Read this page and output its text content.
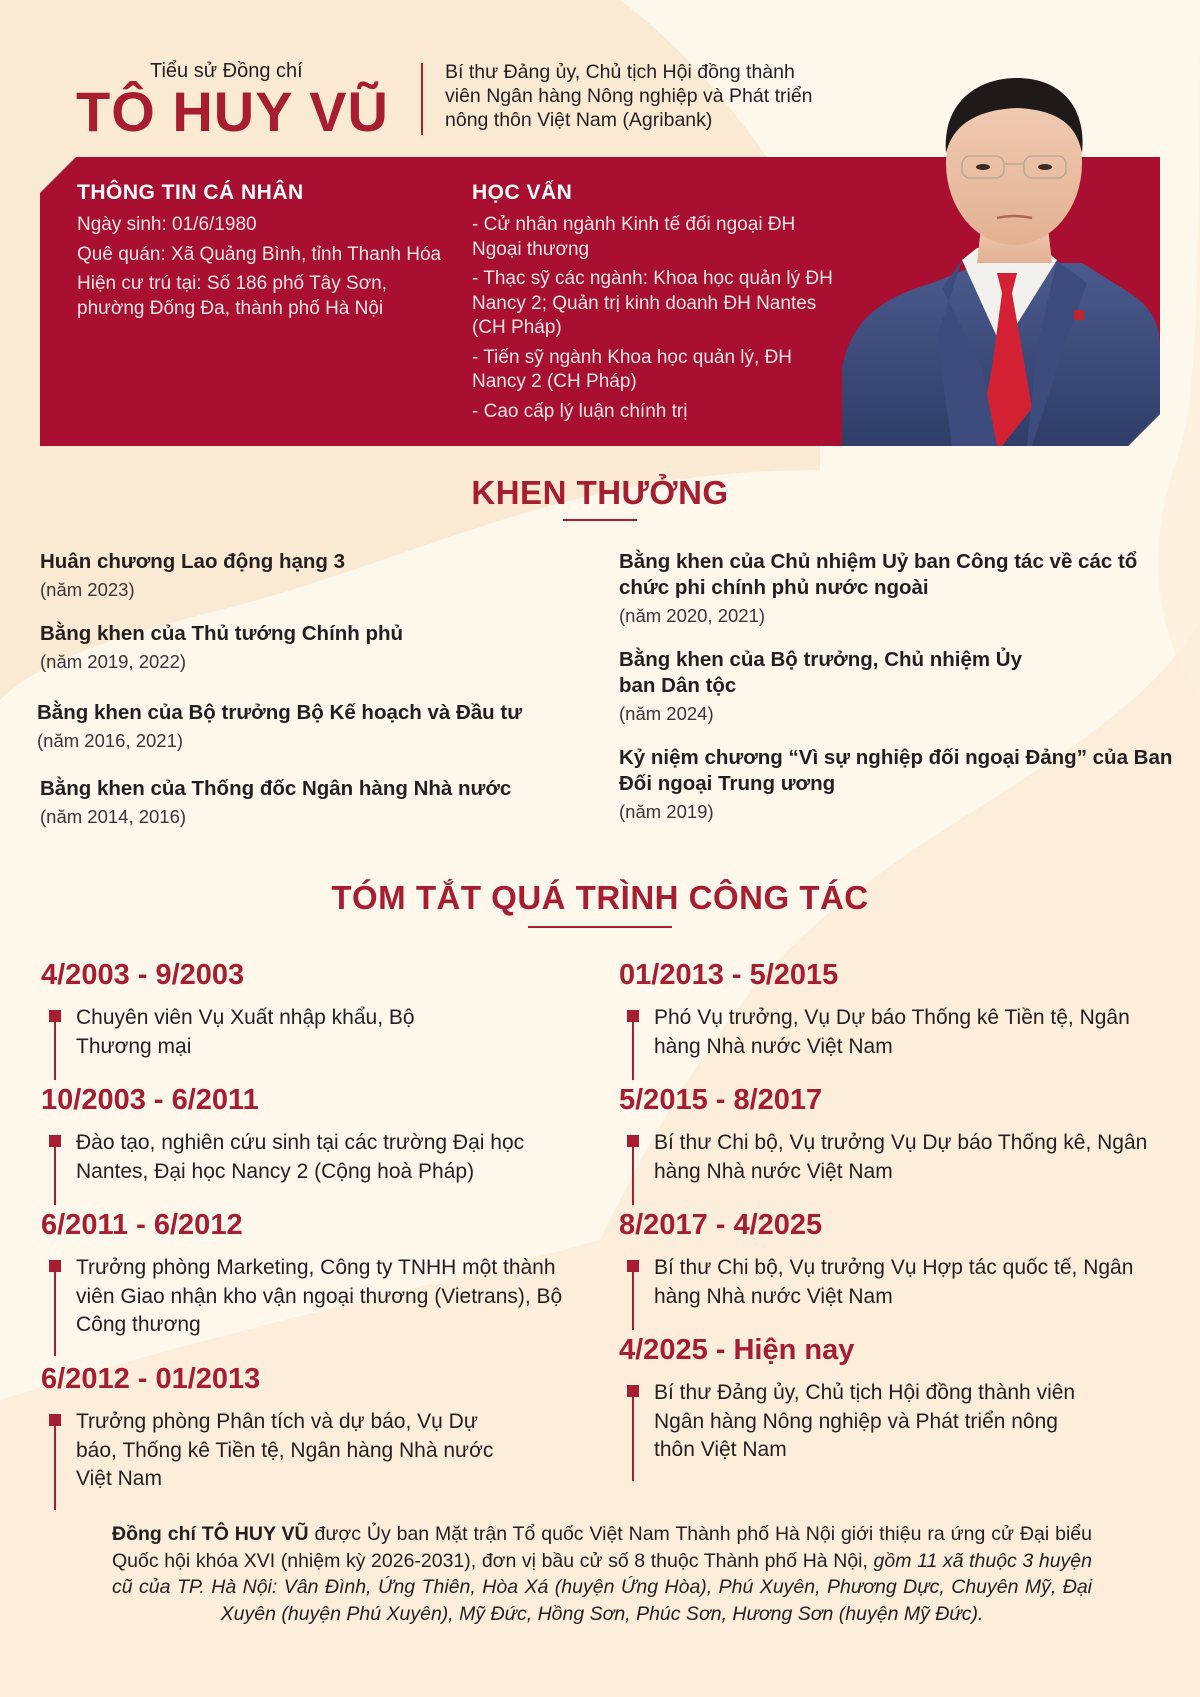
Tiểu sử Đồng chí
TÔ HUY VŨ
Bí thư Đảng ủy, Chủ tịch Hội đồng thành
viên Ngân hàng Nông nghiệp và Phát triển
nông thôn Việt Nam (Agribank)
THÔNG TIN CÁ NHÂN

Ngày sinh: 01/6/1980

Quê quán: Xã Quảng Bình, tỉnh Thanh Hóa

Hiện cư trú tại: Số 186 phố Tây Sơn, phường Đống Đa, thành phố Hà Nội

HỌC VẤN

- Cử nhân ngành Kinh tế đối ngoại ĐH Ngoại thương

- Thạc sỹ các ngành: Khoa học quản lý ĐH Nancy 2; Quản trị kinh doanh ĐH Nantes (CH Pháp)

- Tiến sỹ ngành Khoa học quản lý, ĐH Nancy 2 (CH Pháp)

- Cao cấp lý luận chính trị

KHEN THƯỞNG
Huân chương Lao động hạng 3
(năm 2023)
Bằng khen của Thủ tướng Chính phủ
(năm 2019, 2022)
Bằng khen của Bộ trưởng Bộ Kế hoạch và Đầu tư
(năm 2016, 2021)
Bằng khen của Thống đốc Ngân hàng Nhà nước
(năm 2014, 2016)
Bằng khen của Chủ nhiệm Uỷ ban Công tác về các tổ chức phi chính phủ nước ngoài
(năm 2020, 2021)
Bằng khen của Bộ trưởng, Chủ nhiệm Ủy ban Dân tộc
(năm 2024)
Kỷ niệm chương “Vì sự nghiệp đối ngoại Đảng” của Ban Đối ngoại Trung ương
(năm 2019)
TÓM TẮT QUÁ TRÌNH CÔNG TÁC
4/2003 - 9/2003
Chuyên viên Vụ Xuất nhập khẩu, Bộ Thương mại
10/2003 - 6/2011
Đào tạo, nghiên cứu sinh tại các trường Đại học Nantes, Đại học Nancy 2 (Cộng hoà Pháp)
6/2011 - 6/2012
Trưởng phòng Marketing, Công ty TNHH một thành viên Giao nhận kho vận ngoại thương (Vietrans), Bộ Công thương
6/2012 - 01/2013
Trưởng phòng Phân tích và dự báo, Vụ Dự báo, Thống kê Tiền tệ, Ngân hàng Nhà nước Việt Nam
01/2013 - 5/2015
Phó Vụ trưởng, Vụ Dự báo Thống kê Tiền tệ, Ngân hàng Nhà nước Việt Nam
5/2015 - 8/2017
Bí thư Chi bộ, Vụ trưởng Vụ Dự báo Thống kê, Ngân hàng Nhà nước Việt Nam
8/2017 - 4/2025
Bí thư Chi bộ, Vụ trưởng Vụ Hợp tác quốc tế, Ngân hàng Nhà nước Việt Nam
4/2025 - Hiện nay
Bí thư Đảng ủy, Chủ tịch Hội đồng thành viên Ngân hàng Nông nghiệp và Phát triển nông thôn Việt Nam
Đồng chí TÔ HUY VŨ được Ủy ban Mặt trận Tổ quốc Việt Nam Thành phố Hà Nội giới thiệu ra ứng cử Đại biểu Quốc hội khóa XVI (nhiệm kỳ 2026-2031), đơn vị bầu cử số 8 thuộc Thành phố Hà Nội, gồm 11 xã thuộc 3 huyện cũ của TP. Hà Nội: Vân Đình, Ứng Thiên, Hòa Xá (huyện Ứng Hòa), Phú Xuyên, Phương Dực, Chuyên Mỹ, Đại Xuyên (huyện Phú Xuyên), Mỹ Đức, Hồng Sơn, Phúc Sơn, Hương Sơn (huyện Mỹ Đức).
